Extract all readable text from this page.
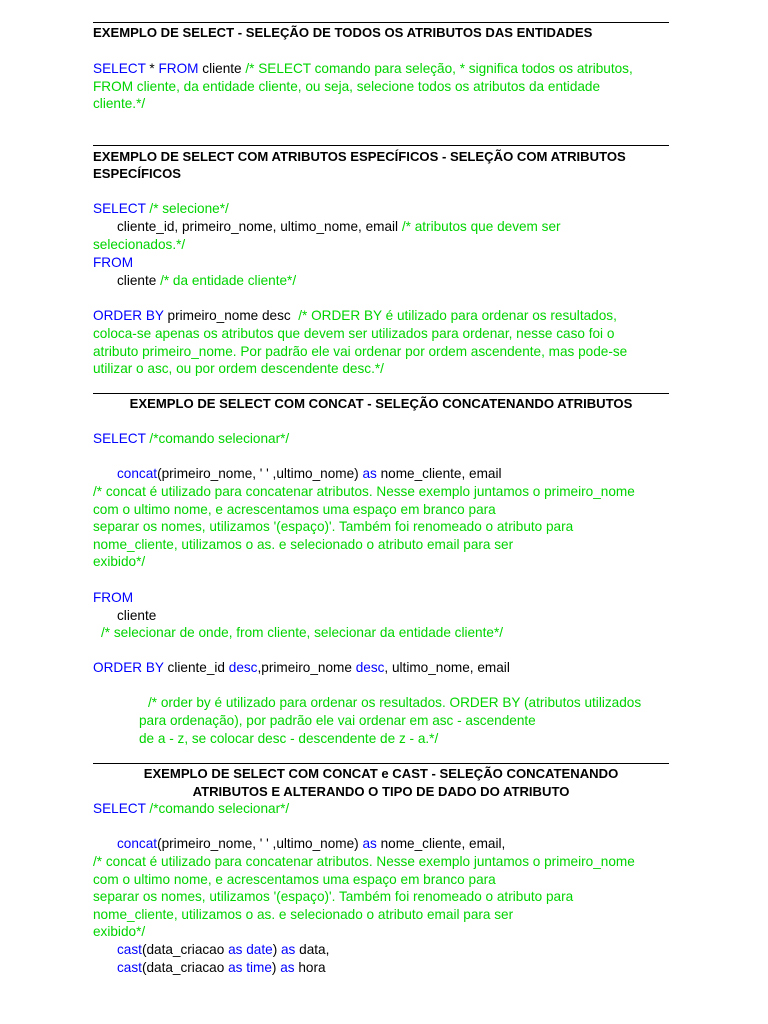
EXEMPLO DE SELECT - SELEÇÃO DE TODOS OS ATRIBUTOS DAS ENTIDADES
SELECT * FROM cliente /* SELECT comando para seleção, * significa todos os atributos,
FROM cliente, da entidade cliente, ou seja, selecione todos os atributos da entidade
cliente.*/
EXEMPLO DE SELECT COM ATRIBUTOS ESPECÍFICOS - SELEÇÃO COM ATRIBUTOS
ESPECÍFICOS
SELECT /* selecione*/
cliente_id, primeiro_nome, ultimo_nome, email /* atributos que devem ser
selecionados.*/
FROM
cliente /* da entidade cliente*/
ORDER BY primeiro_nome desc  /* ORDER BY é utilizado para ordenar os resultados,
coloca-se apenas os atributos que devem ser utilizados para ordenar, nesse caso foi o
atributo primeiro_nome. Por padrão ele vai ordenar por ordem ascendente, mas pode-se
utilizar o asc, ou por ordem descendente desc.*/
EXEMPLO DE SELECT COM CONCAT - SELEÇÃO CONCATENANDO ATRIBUTOS
SELECT /*comando selecionar*/
concat(primeiro_nome, ' ' ,ultimo_nome) as nome_cliente, email
/* concat é utilizado para concatenar atributos. Nesse exemplo juntamos o primeiro_nome
com o ultimo nome, e acrescentamos uma espaço em branco para
separar os nomes, utilizamos '(espaço)'. Também foi renomeado o atributo para
nome_cliente, utilizamos o as. e selecionado o atributo email para ser
exibido*/
FROM
cliente
/* selecionar de onde, from cliente, selecionar da entidade cliente*/
ORDER BY cliente_id desc,primeiro_nome desc, ultimo_nome, email
/* order by é utilizado para ordenar os resultados. ORDER BY (atributos utilizados
para ordenação), por padrão ele vai ordenar em asc - ascendente
de a - z, se colocar desc - descendente de z - a.*/
EXEMPLO DE SELECT COM CONCAT e CAST - SELEÇÃO CONCATENANDO
ATRIBUTOS E ALTERANDO O TIPO DE DADO DO ATRIBUTO
SELECT /*comando selecionar*/
concat(primeiro_nome, ' ' ,ultimo_nome) as nome_cliente, email,
/* concat é utilizado para concatenar atributos. Nesse exemplo juntamos o primeiro_nome
com o ultimo nome, e acrescentamos uma espaço em branco para
separar os nomes, utilizamos '(espaço)'. Também foi renomeado o atributo para
nome_cliente, utilizamos o as. e selecionado o atributo email para ser
exibido*/
cast(data_criacao as date) as data,
cast(data_criacao as time) as hora
